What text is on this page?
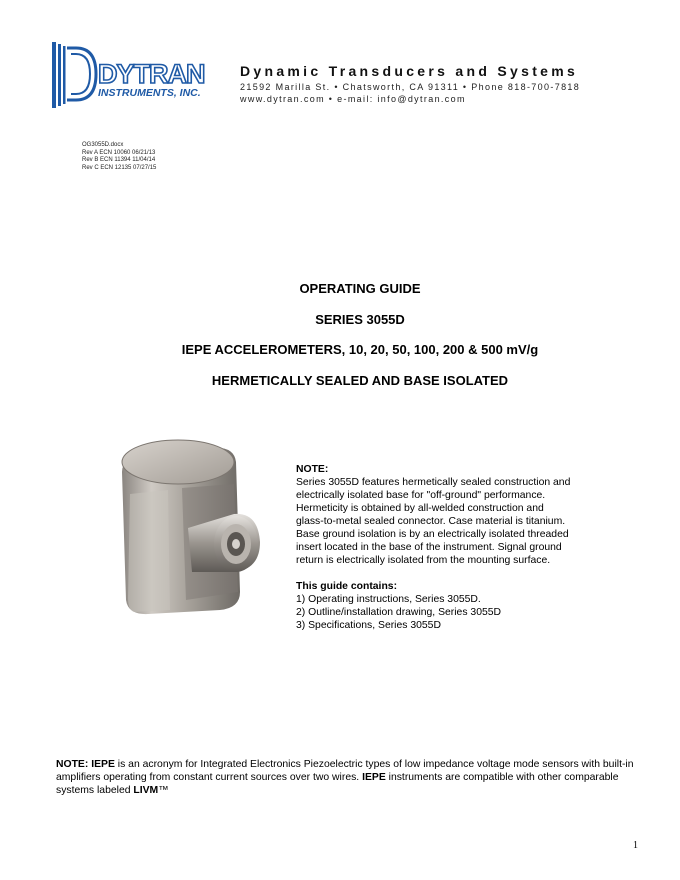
DYTRAN
INSTRUMENTS, INC.
Dynamic Transducers and Systems
21592 Marilla St. • Chatsworth, CA 91311 • Phone 818-700-7818
www.dytran.com • e-mail: info@dytran.com
OG3055D.docx
Rev A ECN 10060 06/21/13
Rev B ECN 11394 11/04/14
Rev C ECN 12135 07/27/15
OPERATING GUIDE
SERIES 3055D
IEPE ACCELEROMETERS, 10, 20, 50, 100, 200 & 500 mV/g
HERMETICALLY SEALED AND BASE ISOLATED
NOTE:
Series 3055D features hermetically sealed construction and
electrically isolated base for "off-ground" performance.
Hermeticity is obtained by all-welded construction and
glass-to-metal sealed connector. Case material is titanium.
Base ground isolation is by an electrically isolated threaded
insert located in the base of the instrument. Signal ground
return is electrically isolated from the mounting surface.
This guide contains:
1) Operating instructions, Series 3055D.
2) Outline/installation drawing, Series 3055D
3) Specifications, Series 3055D
NOTE: IEPE is an acronym for Integrated Electronics Piezoelectric types of low impedance voltage mode sensors with built-in amplifiers operating from constant current sources over two wires. IEPE instruments are compatible with other comparable systems labeled LIVM™
1
